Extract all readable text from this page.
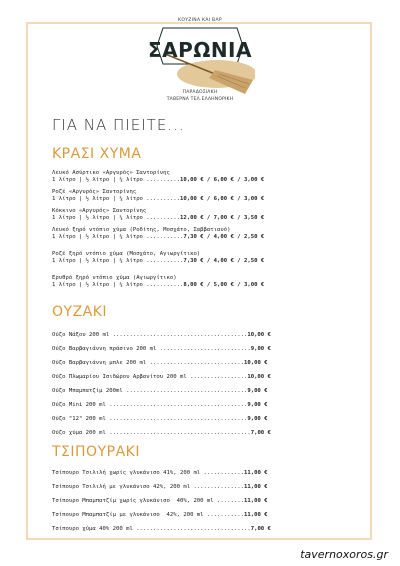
ΚΟΥΖΙΝΑ ΚΑΙ ΒΑΡ
ΣΑΡΩΝΙΑ
ΠΑΡΑΔΟΣΙΑΚΗ
ΤΑΒΕΡΝΑ ΤΕΛ.ΕΛΛΗΝΟΡΙΚΗ
ΓΙΑ ΝΑ ΠΙΕΙΤΕ...
ΚΡΑΣΙ ΧΥΜΑ
Λευκό Ασύρτικο «Αργυρός» Σαντορίνης
1 λίτρο | ½ λίτρο | ¼ λίτρο ..........10,00 € / 6,00 € / 3,00 €
Ροζέ «Αργυρός» Σαντορίνης
1 λίτρο | ½ λίτρο | ¼ λίτρο ..........10,00 € / 6,00 € / 3,00 €
Κόκκινο «Αργυρός» Σαντορίνης
1 λίτρο | ½ λίτρο | ¼ λίτρο ..........12,00 € / 7,00 € / 3,50 €
Λευκό ξηρό ντόπιο χύμα (Ροδίτης, Μοσχάτο, Σαββατιανό)
1 λίτρο | ½ λίτρο | ¼ λίτρο ...........7,30 € / 4,00 € / 2,50 €
Ροζέ ξηρό ντόπιο χύμα (Μοσχάτο, Αγιωργίτικο)
1 λίτρο | ½ λίτρο | ¼ λίτρο ...........7,30 € / 4,00 € / 2,50 €
Ερυθρό ξηρό ντόπιο χύμα (Αγιωργίτικο)
1 λίτρο | ½ λίτρο | ¼ λίτρο ...........8,00 € / 5,00 € / 3,00 €
ΟΥΖΑΚΙ
Ούζο Νάξου 200 ml ........................................10,00 €
Ούζο Βαρβαγιάννη πράσινο 200 ml ...........................9,00 €
Ούζο Βαρβαγιάννη μπλε 200 ml ............................10,00 €
Ούζο Πλωμαρίου Ισιδώρου Αρβανίτου 200 ml .................10,00 €
Ούζο Μπαμπατζίμ 200ml ....................................9,00 €
Ούζο Mini 200 ml .........................................9,00 €
Ούζο "12" 200 ml .........................................9,00 €
Ούζο χύμα 200 ml ..........................................7,00 €
ΤΣΙΠΟΥΡΑΚΙ
Τσίπουρο Τσιλιλή χωρίς γλυκάνισο 41%, 200 ml ............11,00 €
Τσίπουρο Τσιλιλή με γλυκάνισο 42%, 200 ml ...............11,00 €
Τσίπουρο Μπαμπατζίμ χωρίς γλυκάνισο  40%, 200 ml ........11,00 €
Τσίπουρο Μπαμπατζίμ με γλυκάνισο  42%, 200 ml ...........11,00 €
Τσίπουρο χύμα 40% 200 ml ..................................7,00 €
tavernoxoros.gr
